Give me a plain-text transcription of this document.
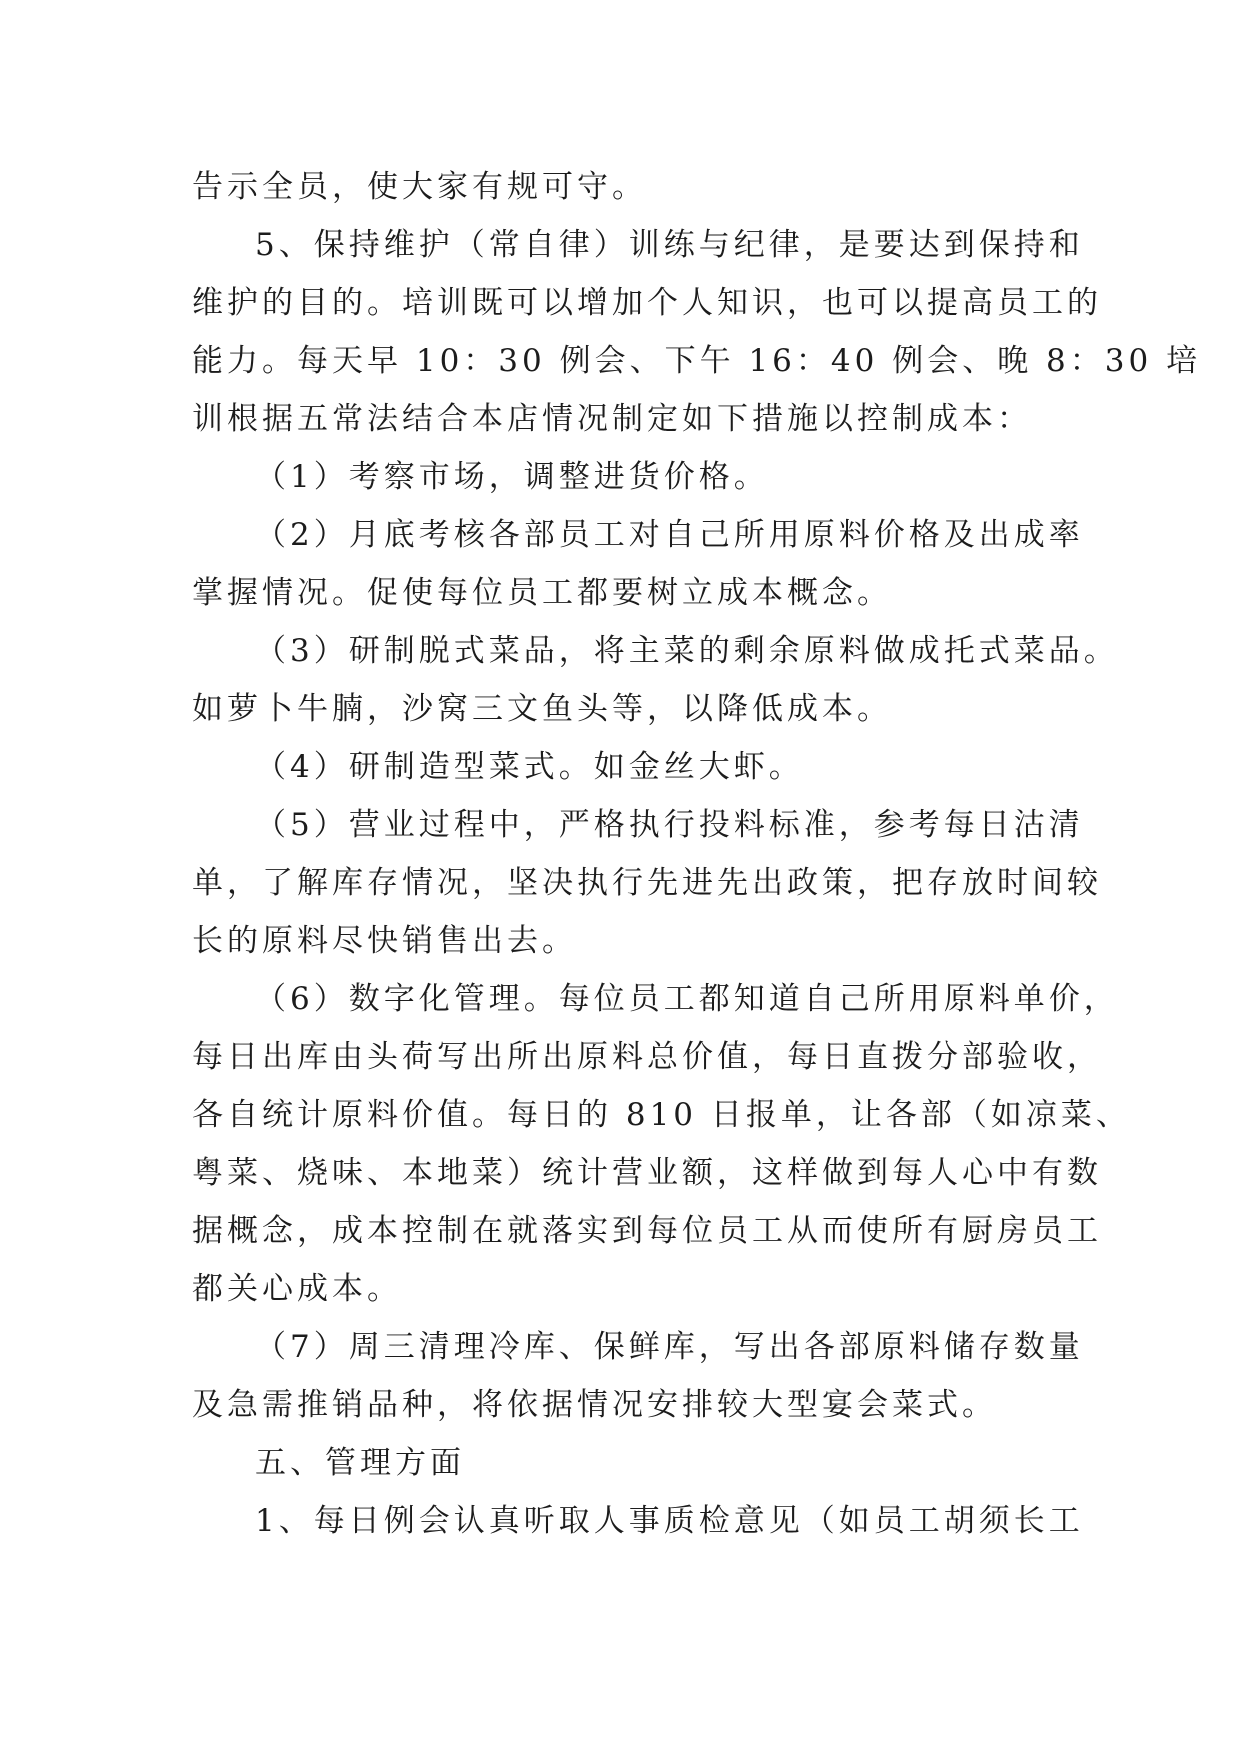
告示全员，使大家有规可守。
5、保持维护（常自律）训练与纪律，是要达到保持和
维护的目的。培训既可以增加个人知识，也可以提高员工的
能力。每天早 10：30 例会、下午 16：40 例会、晚 8：30 培
训根据五常法结合本店情况制定如下措施以控制成本：
（1）考察市场，调整进货价格。
（2）月底考核各部员工对自己所用原料价格及出成率
掌握情况。促使每位员工都要树立成本概念。
（3）研制脱式菜品，将主菜的剩余原料做成托式菜品。
如萝卜牛腩，沙窝三文鱼头等，以降低成本。
（4）研制造型菜式。如金丝大虾。
（5）营业过程中，严格执行投料标准，参考每日沽清
单，了解库存情况，坚决执行先进先出政策，把存放时间较
长的原料尽快销售出去。
（6）数字化管理。每位员工都知道自己所用原料单价，
每日出库由头荷写出所出原料总价值，每日直拨分部验收，
各自统计原料价值。每日的 810 日报单，让各部（如凉菜、
粤菜、烧味、本地菜）统计营业额，这样做到每人心中有数
据概念，成本控制在就落实到每位员工从而使所有厨房员工
都关心成本。
（7）周三清理冷库、保鲜库，写出各部原料储存数量
及急需推销品种，将依据情况安排较大型宴会菜式。
五、管理方面
1、每日例会认真听取人事质检意见（如员工胡须长工
